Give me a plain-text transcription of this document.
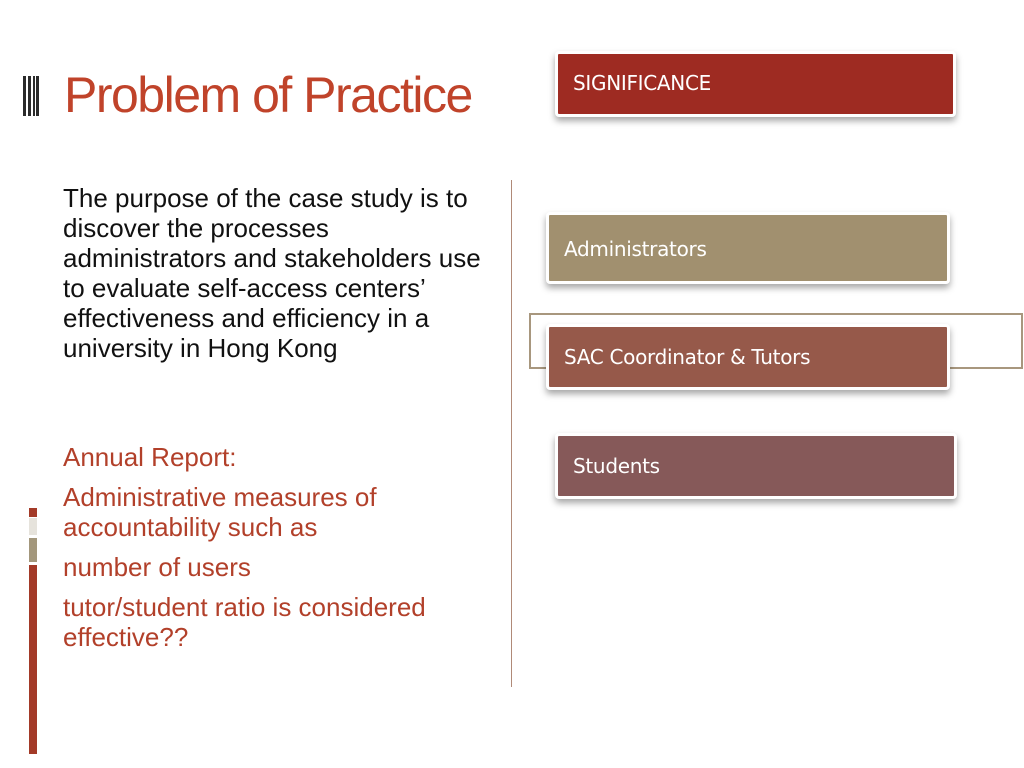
Problem of Practice

The purpose of the case study is to discover the processes administrators and stakeholders use to evaluate self-access centers’ effectiveness and efficiency in a university in Hong Kong

Annual Report:

Administrative measures of accountability such as

number of users

tutor/student ratio is considered effective??

SIGNIFICANCE
Administrators
SAC Coordinator & Tutors
Students
